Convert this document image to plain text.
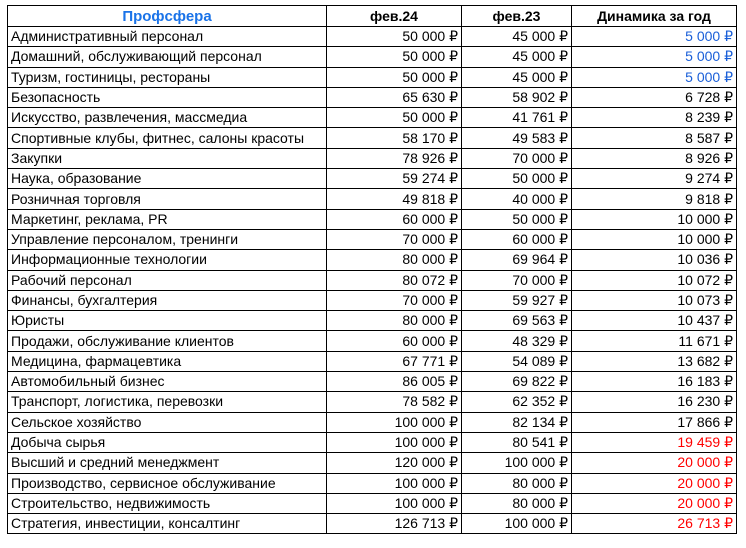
Профсфера	фев.24	фев.23	Динамика за год
Административный персонал	50 000 ₽	45 000 ₽	5 000 ₽
Домашний, обслуживающий персонал	50 000 ₽	45 000 ₽	5 000 ₽
Туризм, гостиницы, рестораны	50 000 ₽	45 000 ₽	5 000 ₽
Безопасность	65 630 ₽	58 902 ₽	6 728 ₽
Искусство, развлечения, массмедиа	50 000 ₽	41 761 ₽	8 239 ₽
Спортивные клубы, фитнес, салоны красоты	58 170 ₽	49 583 ₽	8 587 ₽
Закупки	78 926 ₽	70 000 ₽	8 926 ₽
Наука, образование	59 274 ₽	50 000 ₽	9 274 ₽
Розничная торговля	49 818 ₽	40 000 ₽	9 818 ₽
Маркетинг, реклама, PR	60 000 ₽	50 000 ₽	10 000 ₽
Управление персоналом, тренинги	70 000 ₽	60 000 ₽	10 000 ₽
Информационные технологии	80 000 ₽	69 964 ₽	10 036 ₽
Рабочий персонал	80 072 ₽	70 000 ₽	10 072 ₽
Финансы, бухгалтерия	70 000 ₽	59 927 ₽	10 073 ₽
Юристы	80 000 ₽	69 563 ₽	10 437 ₽
Продажи, обслуживание клиентов	60 000 ₽	48 329 ₽	11 671 ₽
Медицина, фармацевтика	67 771 ₽	54 089 ₽	13 682 ₽
Автомобильный бизнес	86 005 ₽	69 822 ₽	16 183 ₽
Транспорт, логистика, перевозки	78 582 ₽	62 352 ₽	16 230 ₽
Сельское хозяйство	100 000 ₽	82 134 ₽	17 866 ₽
Добыча сырья	100 000 ₽	80 541 ₽	19 459 ₽
Высший и средний менеджмент	120 000 ₽	100 000 ₽	20 000 ₽
Производство, сервисное обслуживание	100 000 ₽	80 000 ₽	20 000 ₽
Строительство, недвижимость	100 000 ₽	80 000 ₽	20 000 ₽
Стратегия, инвестиции, консалтинг	126 713 ₽	100 000 ₽	26 713 ₽
